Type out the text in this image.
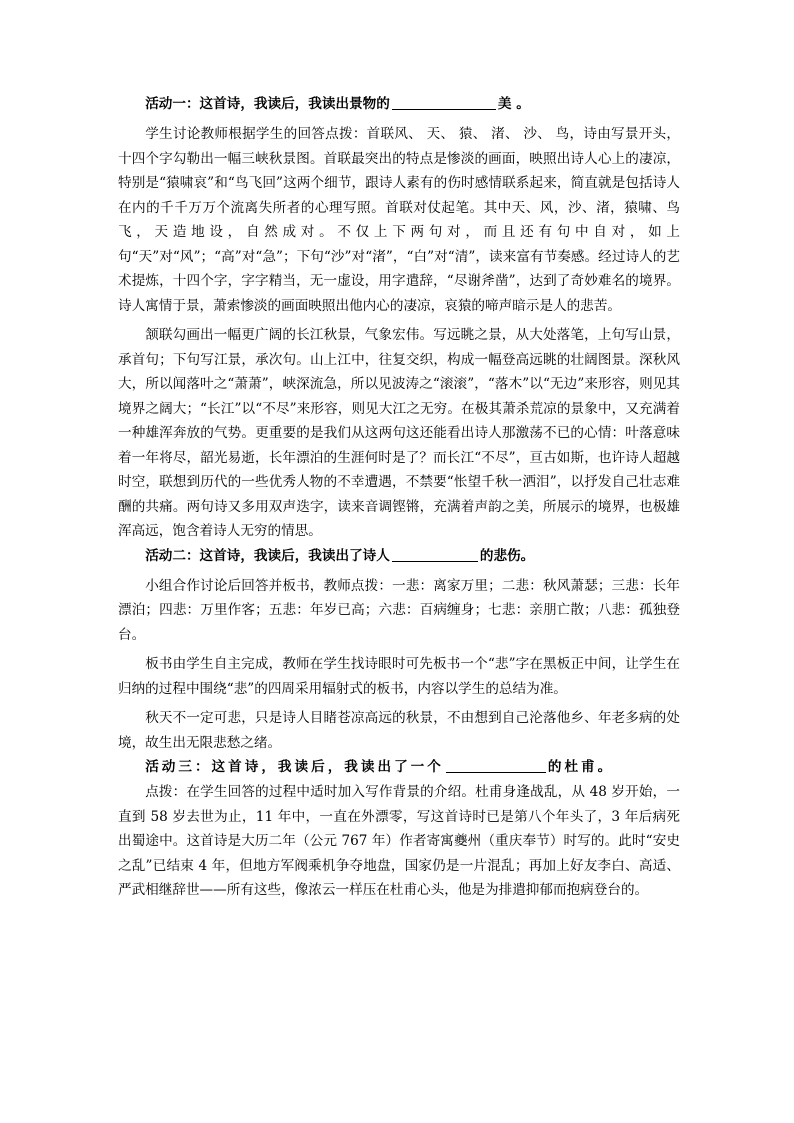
活动一：这首诗，我读后，我读出景物的	美 。

学生讨论教师根据学生的回答点拨：首联风、 天、 猿、 渚、 沙、 鸟，诗由写景开头，十四个字勾勒出一幅三峡秋景图。首联最突出的特点是惨淡的画面，映照出诗人心上的凄凉，特别是“猿啸哀”和“鸟飞回”这两个细节，跟诗人素有的伤时感情联系起来，简直就是包括诗人在内的千千万万个流离失所者的心理写照。首联对仗起笔。其中天、风，沙、渚，猿啸、鸟飞，天造地设，自然成对。不仅上下两句对，而且还有句中自对，如上句“天”对“风”；“高”对“急”；下句“沙”对“渚”，“白”对“清”，读来富有节奏感。经过诗人的艺术提炼，十四个字，字字精当，无一虚设，用字遣辞，“尽谢斧凿”，达到了奇妙难名的境界。诗人寓情于景，萧索惨淡的画面映照出他内心的凄凉，哀猿的啼声暗示是人的悲苦。

颔联勾画出一幅更广阔的长江秋景，气象宏伟。写远眺之景，从大处落笔，上句写山景，承首句；下句写江景，承次句。山上江中，往复交织，构成一幅登高远眺的壮阔图景。深秋风大，所以闻落叶之“萧萧”，峡深流急，所以见波涛之“滚滚”，“落木”以“无边”来形容，则见其境界之阔大；“长江”以“不尽”来形容，则见大江之无穷。在极其萧杀荒凉的景象中，又充满着一种雄浑奔放的气势。更重要的是我们从这两句这还能看出诗人那激荡不已的心情：叶落意味着一年将尽，韶光易逝，长年漂泊的生涯何时是了？而长江“不尽”，亘古如斯，也许诗人超越时空，联想到历代的一些优秀人物的不幸遭遇，不禁要“怅望千秋一洒泪”，以抒发自己壮志难酬的共痛。两句诗又多用双声迭字，读来音调铿锵，充满着声韵之美，所展示的境界，也极雄浑高远，饱含着诗人无穷的情思。

活动二：这首诗，我读后，我读出了诗人	的悲伤。

小组合作讨论后回答并板书，教师点拨：一悲：离家万里；二悲：秋风萧瑟；三悲：长年漂泊；四悲：万里作客；五悲：年岁已高；六悲：百病缠身；七悲：亲朋亡散；八悲：孤独登台。

板书由学生自主完成，教师在学生找诗眼时可先板书一个“悲”字在黑板正中间，让学生在归纳的过程中围绕“悲”的四周采用辐射式的板书，内容以学生的总结为准。

秋天不一定可悲，只是诗人目睹苍凉高远的秋景，不由想到自己沦落他乡、年老多病的处境，故生出无限悲愁之绪。

活动三：这首诗，我读后，我读出了一个	的杜甫。

点拨：在学生回答的过程中适时加入写作背景的介绍。杜甫身逢战乱，从 48 岁开始，一直到 58 岁去世为止，11 年中，一直在外漂零，写这首诗时已是第八个年头了，3 年后病死出蜀途中。这首诗是大历二年（公元 767 年）作者寄寓夔州（重庆奉节）时写的。此时“安史之乱”已结束 4 年，但地方军阀乘机争夺地盘，国家仍是一片混乱；再加上好友李白、高适、严武相继辞世——所有这些，像浓云一样压在杜甫心头，他是为排遣抑郁而抱病登台的。
